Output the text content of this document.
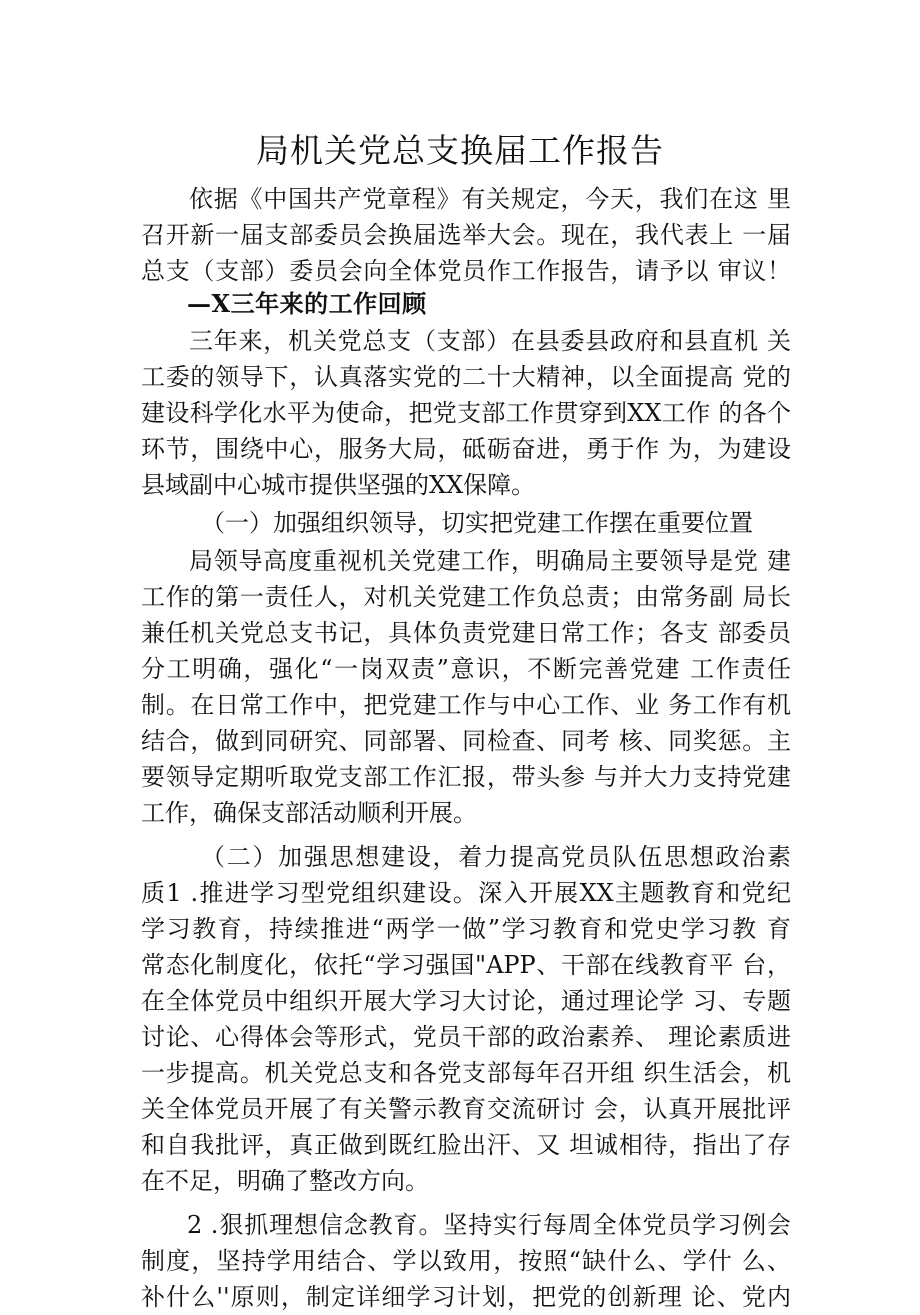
局机关党总支换届工作报告
依据《中国共产党章程》有关规定，今天，我们在这 里
召开新一届支部委员会换届选举大会。现在，我代表上 一届
总支（支部）委员会向全体党员作工作报告，请予以 审议！
—X三年来的工作回顾
三年来，机关党总支（支部）在县委县政府和县直机 关
工委的领导下，认真落实党的二十大精神，以全面提高 党的
建设科学化水平为使命，把党支部工作贯穿到XX工作 的各个
环节，围绕中心，服务大局，砥砺奋进，勇于作 为，为建设
县域副中心城市提供坚强的XX保障。
（一）加强组织领导，切实把党建工作摆在重要位置
局领导高度重视机关党建工作，明确局主要领导是党 建
工作的第一责任人，对机关党建工作负总责；由常务副 局长
兼任机关党总支书记，具体负责党建日常工作；各支 部委员
分工明确，强化“一岗双责”意识，不断完善党建 工作责任
制。在日常工作中，把党建工作与中心工作、业 务工作有机
结合，做到同研究、同部署、同检查、同考 核、同奖惩。主
要领导定期听取党支部工作汇报，带头参 与并大力支持党建
工作，确保支部活动顺利开展。
（二）加强思想建设，着力提高党员队伍思想政治素
质1 .推进学习型党组织建设。深入开展XX主题教育和党纪
学习教育，持续推进“两学一做”学习教育和党史学习教 育
常态化制度化，依托“学习强国"APP、干部在线教育平 台，
在全体党员中组织开展大学习大讨论，通过理论学 习、专题
讨论、心得体会等形式，党员干部的政治素养、 理论素质进
一步提高。机关党总支和各党支部每年召开组 织生活会，机
关全体党员开展了有关警示教育交流研讨 会，认真开展批评
和自我批评，真正做到既红脸出汗、又 坦诚相待，指出了存
在不足，明确了整改方向。
2 .狠抓理想信念教育。坚持实行每周全体党员学习例会
制度，坚持学用结合、学以致用，按照“缺什么、学什 么、
补什么''原则，制定详细学习计划，把党的创新理 论、党内
